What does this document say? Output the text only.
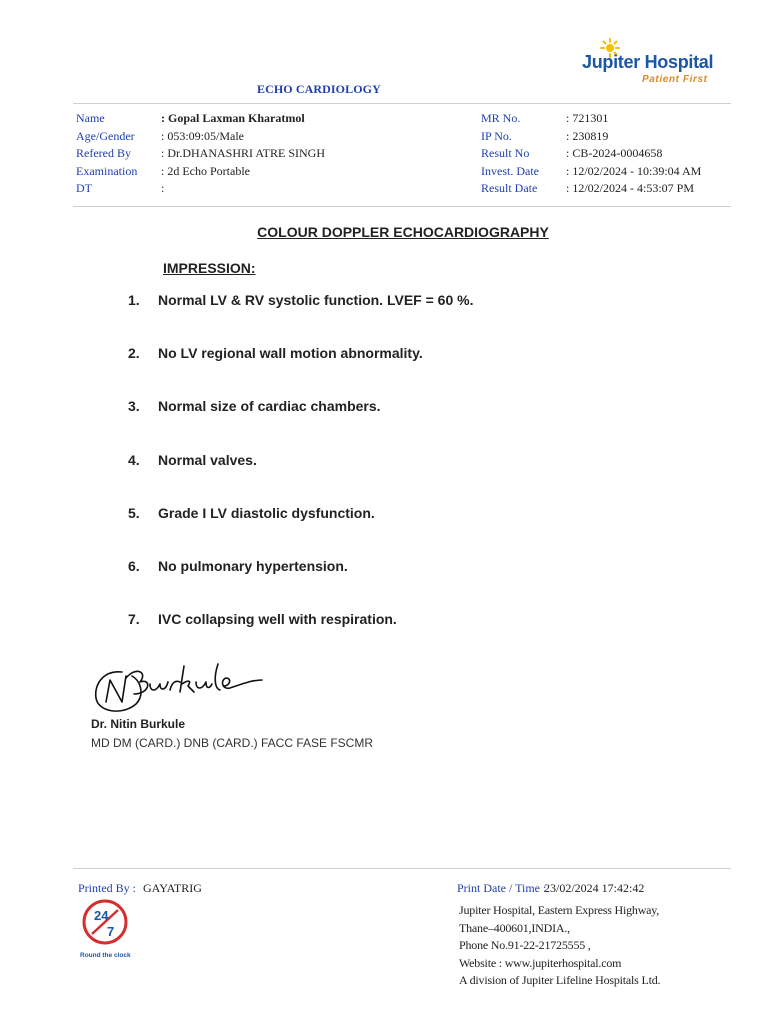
Jupiter Hospital
Patient First
ECHO CARDIOLOGY
Name
Age/Gender
Refered By
Examination
DT
: Gopal Laxman Kharatmol
: 053:09:05/Male
: Dr.DHANASHRI ATRE SINGH
: 2d Echo Portable
:
MR No.
IP No.
Result No
Invest. Date
Result Date
: 721301
: 230819
: CB-2024-0004658
: 12/02/2024 - 10:39:04 AM
: 12/02/2024 - 4:53:07 PM
COLOUR DOPPLER ECHOCARDIOGRAPHY
IMPRESSION:
1. Normal LV & RV systolic function. LVEF = 60 %.
2. No LV regional wall motion abnormality.
3. Normal size of cardiac chambers.
4. Normal valves.
5. Grade I LV diastolic dysfunction.
6. No pulmonary hypertension.
7. IVC collapsing well with respiration.
Dr. Nitin Burkule
MD DM (CARD.) DNB (CARD.) FACC FASE FSCMR
Printed By : GAYATRIG	Print Date / Time :
23/02/2024 17:42:42
24
7
Round the clock
Jupiter Hospital, Eastern Express Highway,
Thane–400601,INDIA.,
Phone No.91-22-21725555 ,
Website : www.jupiterhospital.com
A division of Jupiter Lifeline Hospitals Ltd.
